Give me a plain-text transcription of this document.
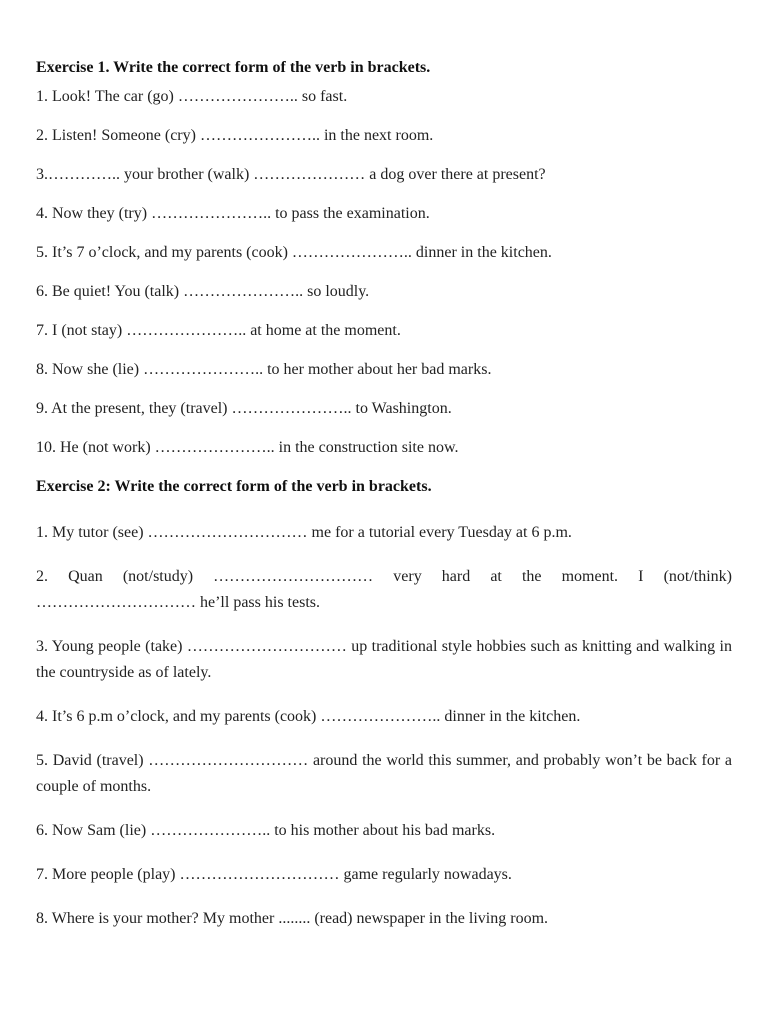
Exercise 1. Write the correct form of the verb in brackets.

1. Look! The car (go) ………………….. so fast.

2. Listen! Someone (cry) ………………….. in the next room.

3.………….. your brother (walk) ………………… a dog over there at present?

4. Now they (try) ………………….. to pass the examination.

5. It’s 7 o’clock, and my parents (cook) ………………….. dinner in the kitchen.

6. Be quiet! You (talk) ………………….. so loudly.

7. I (not stay) ………………….. at home at the moment.

8. Now she (lie) ………………….. to her mother about her bad marks.

9. At the present, they (travel) ………………….. to Washington.

10. He (not work) ………………….. in the construction site now.

Exercise 2: Write the correct form of the verb in brackets.

1. My tutor (see) ………………………… me for a tutorial every Tuesday at 6 p.m.

2. Quan (not/study) ………………………… very hard at the moment. I (not/think) ………………………… he’ll pass his tests.

3. Young people (take) ………………………… up traditional style hobbies such as knitting and walking in the countryside as of lately.

4. It’s 6 p.m o’clock, and my parents (cook) ………………….. dinner in the kitchen.

5. David (travel) ………………………… around the world this summer, and probably won’t be back for a couple of months.

6. Now Sam (lie) ………………….. to his mother about his bad marks.

7. More people (play) ………………………… game regularly nowadays.

8. Where is your mother? My mother ........ (read) newspaper in the living room.
